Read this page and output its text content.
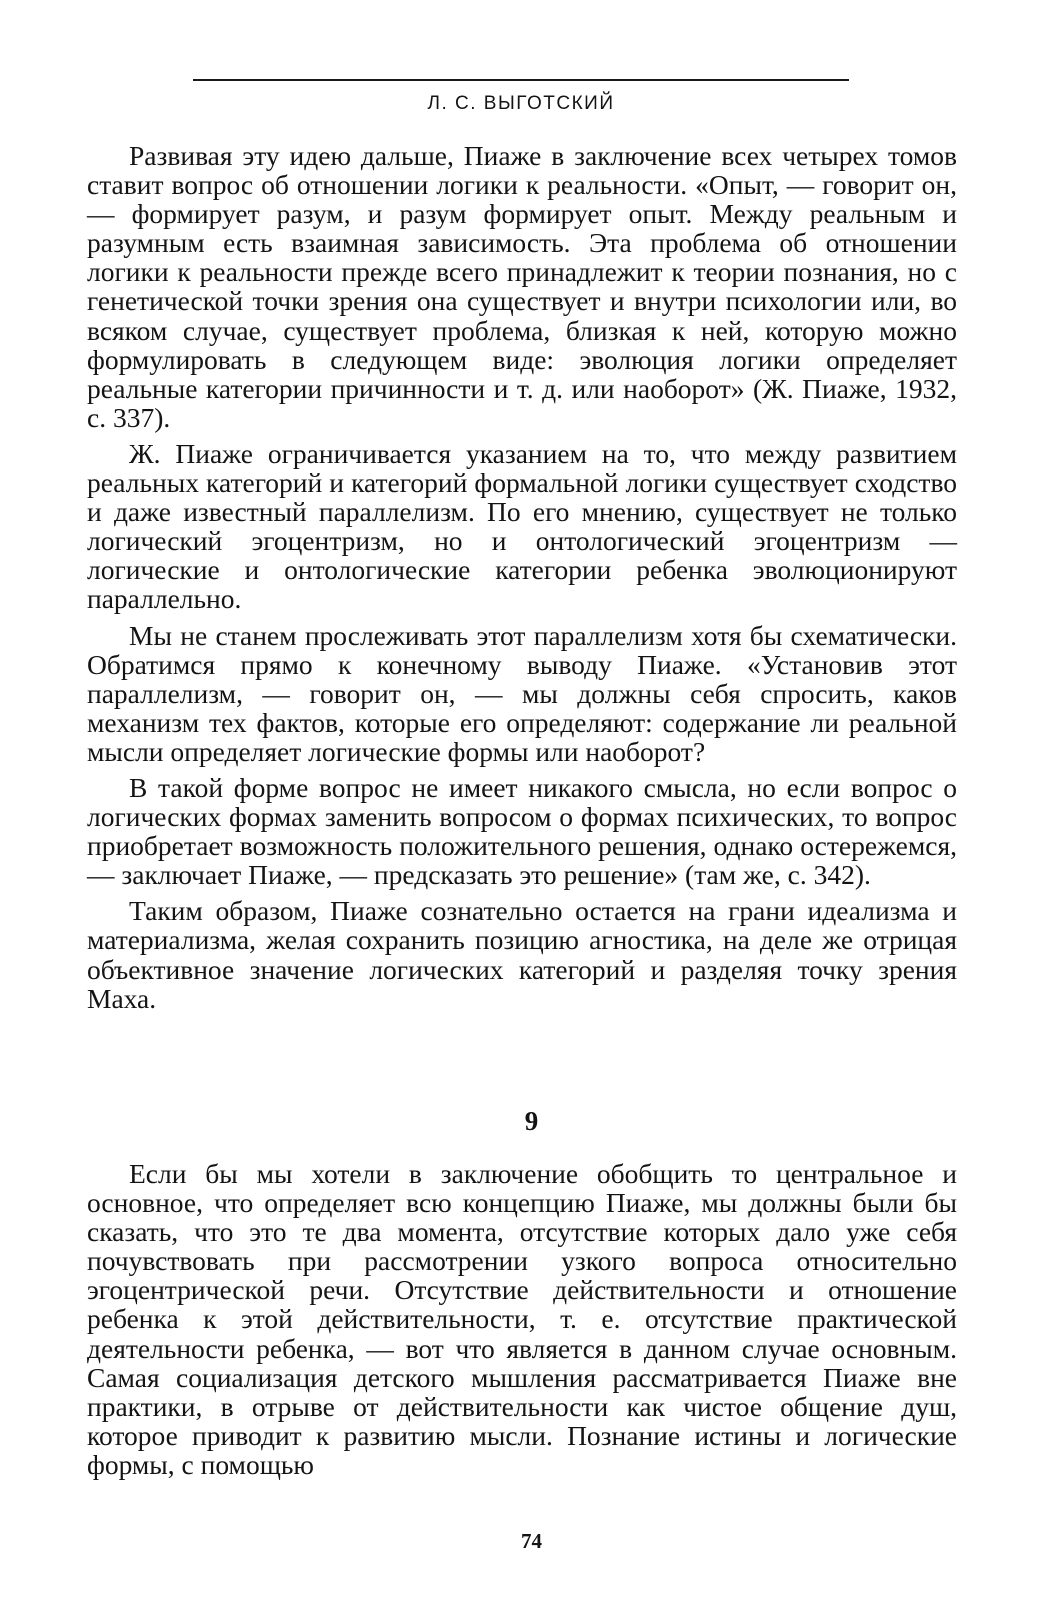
Л. С. ВЫГОТСКИЙ

Развивая эту идею дальше, Пиаже в заключение всех четырех томов ставит вопрос об отношении логики к реальности. «Опыт, — говорит он, — формирует разум, и разум формирует опыт. Между реальным и разумным есть взаимная зависимость. Эта проблема об отношении логики к реальности прежде всего принадлежит к теории познания, но с генетической точки зрения она существует и внутри психологии или, во всяком случае, существует проблема, близкая к ней, которую можно формулировать в следующем виде: эволюция логики определяет реальные категории причинности и т. д. или наоборот» (Ж. Пиаже, 1932, с. 337).

Ж. Пиаже ограничивается указанием на то, что между развитием реальных категорий и категорий формальной логики существует сходство и даже известный параллелизм. По его мнению, существует не только логический эгоцентризм, но и онтологический эгоцентризм — логические и онтологические категории ребенка эволюционируют параллельно.

Мы не станем прослеживать этот параллелизм хотя бы схематически. Обратимся прямо к конечному выводу Пиаже. «Установив этот параллелизм, — говорит он, — мы должны себя спросить, каков механизм тех фактов, которые его определяют: содержание ли реальной мысли определяет логические формы или наоборот?

В такой форме вопрос не имеет никакого смысла, но если вопрос о логических формах заменить вопросом о формах психических, то вопрос приобретает возможность положительного решения, однако остережемся, — заключает Пиаже, — предсказать это решение» (там же, с. 342).

Таким образом, Пиаже сознательно остается на грани идеализма и материализма, желая сохранить позицию агностика, на деле же отрицая объективное значение логических категорий и разделяя точку зрения Маха.

9

Если бы мы хотели в заключение обобщить то центральное и основное, что определяет всю концепцию Пиаже, мы должны были бы сказать, что это те два момента, отсутствие которых дало уже себя почувствовать при рассмотрении узкого вопроса относительно эгоцентрической речи. Отсутствие действительности и отношение ребенка к этой действительности, т. е. отсутствие практической деятельности ребенка, — вот что является в данном случае основным. Самая социализация детского мышления рассматривается Пиаже вне практики, в отрыве от действительности как чистое общение душ, которое приводит к развитию мысли. Познание истины и логические формы, с помощью

74
